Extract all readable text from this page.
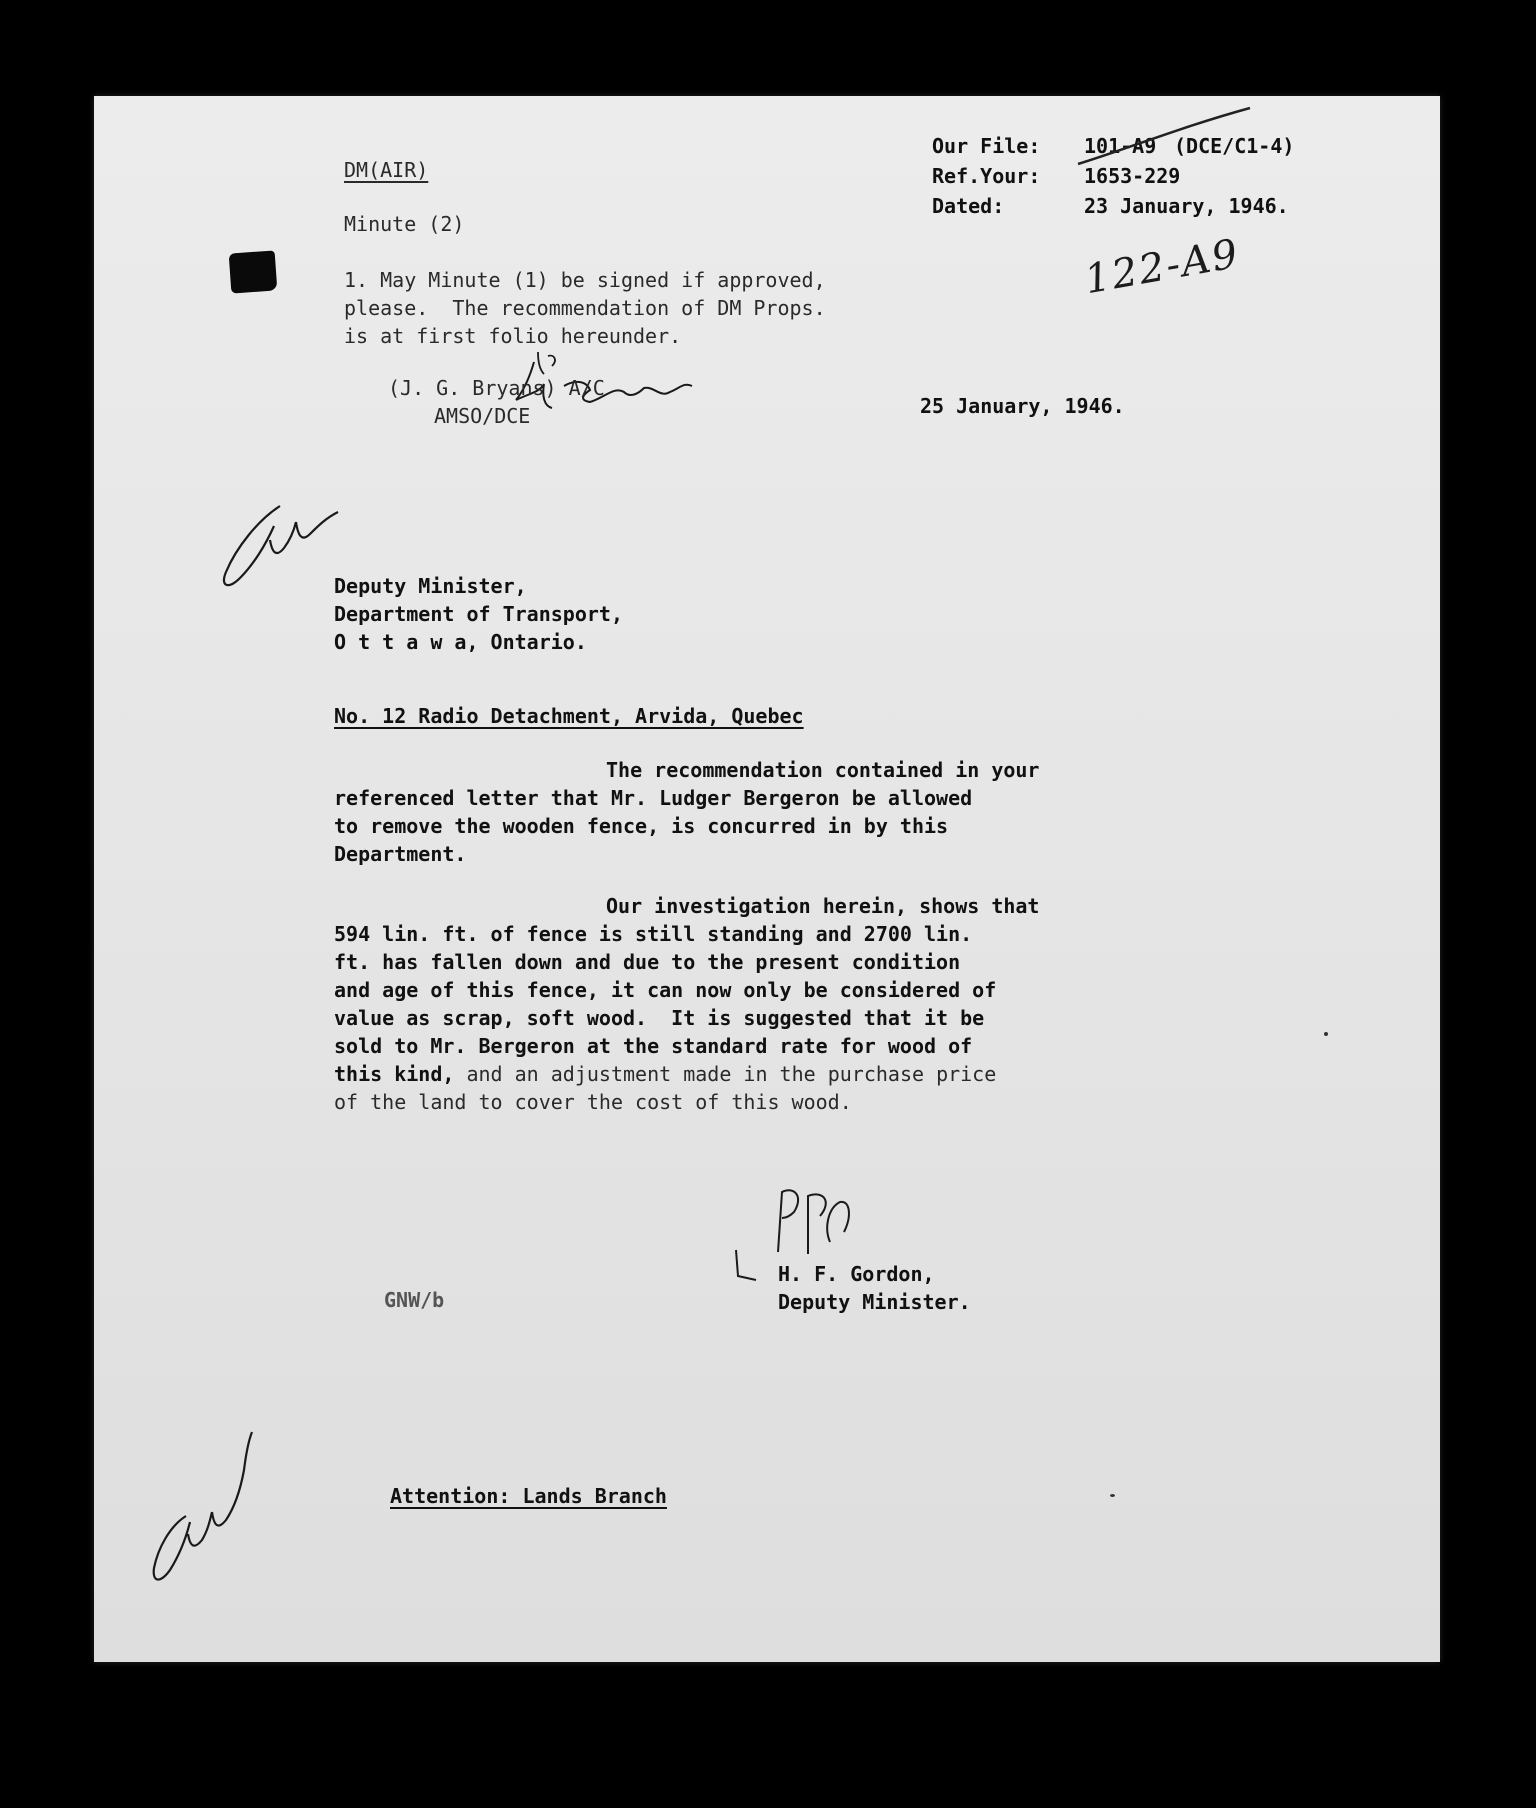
DM(AIR)
Minute (2)
Our File: 101-A9 (DCE/C1-4)
Ref.Your: 1653-229
Dated:	23 January, 1946.
122-A9
1. May Minute (1) be signed if approved,
please.  The recommendation of DM Props.
is at first folio hereunder.
(J. G. Bryans) A/C
AMSO/DCE	25 January, 1946.
Deputy Minister,
Department of Transport,
O t t a w a, Ontario.
No. 12 Radio Detachment, Arvida, Quebec
The recommendation contained in your
referenced letter that Mr. Ludger Bergeron be allowed
to remove the wooden fence, is concurred in by this
Department.
Our investigation herein, shows that
594 lin. ft. of fence is still standing and 2700 lin.
ft. has fallen down and due to the present condition
and age of this fence, it can now only be considered of
value as scrap, soft wood.  It is suggested that it be
sold to Mr. Bergeron at the standard rate for wood of
this kind, and an adjustment made in the purchase price
of the land to cover the cost of this wood.
H. F. Gordon,
Deputy Minister.
GNW/b
Attention: Lands Branch
